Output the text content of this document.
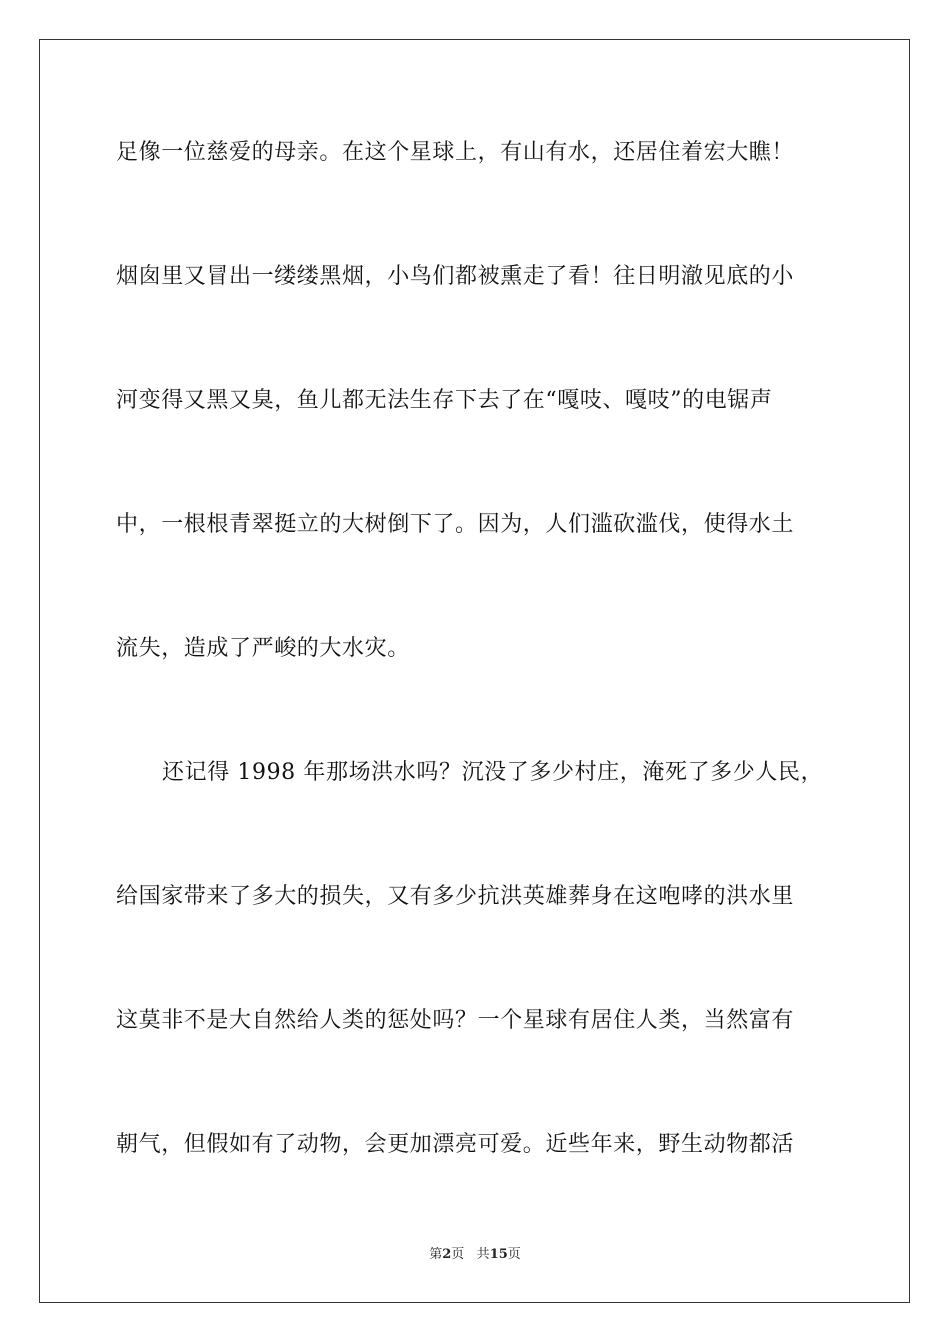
足像一位慈爱的母亲。在这个星球上，有山有水，还居住着宏大瞧！
烟囱里又冒出一缕缕黑烟，小鸟们都被熏走了看！往日明澈见底的小
河变得又黑又臭，鱼儿都无法生存下去了在“嘎吱、嘎吱”的电锯声
中，一根根青翠挺立的大树倒下了。因为，人们滥砍滥伐，使得水土
流失，造成了严峻的大水灾。
还记得 1998 年那场洪水吗？沉没了多少村庄，淹死了多少人民，
给国家带来了多大的损失，又有多少抗洪英雄葬身在这咆哮的洪水里
这莫非不是大自然给人类的惩处吗？一个星球有居住人类，当然富有
朝气，但假如有了动物，会更加漂亮可爱。近些年来，野生动物都活
第2页 共15页
